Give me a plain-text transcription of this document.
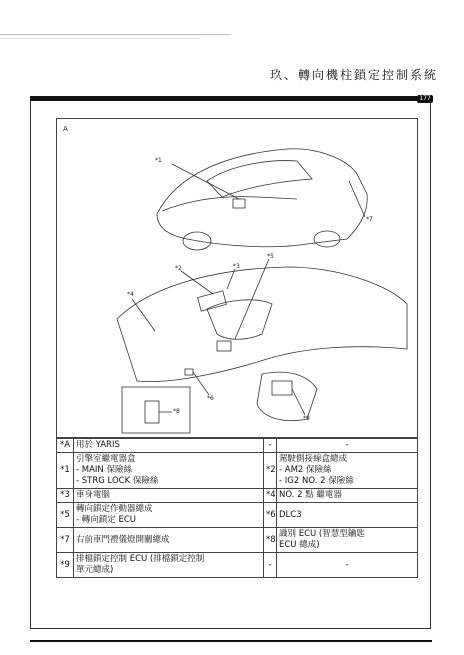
玖、轉向機柱鎖定控制系統
177
A
*1
*2	*3
*4
*5
*6
*7
*8
*9
*A	用於 YARIS	-	-

*1	引擎室繼電器盒
- MAIN 保險絲
- STRG LOCK 保險絲	*2	駕駛側接線盒總成
- AM2 保險絲
- IG2 NO. 2 保險絲

*3	車身電腦	*4	NO. 2 點 繼電器

*5	轉向鎖定作動器總成
- 轉向鎖定 ECU	*6	DLC3

*7	右前車門禮儀燈開關總成	*8	識別 ECU (智慧型鑰匙
ECU 總成)

*9	排檔鎖定控制 ECU (排檔鎖定控制
單元總成)	-	-
